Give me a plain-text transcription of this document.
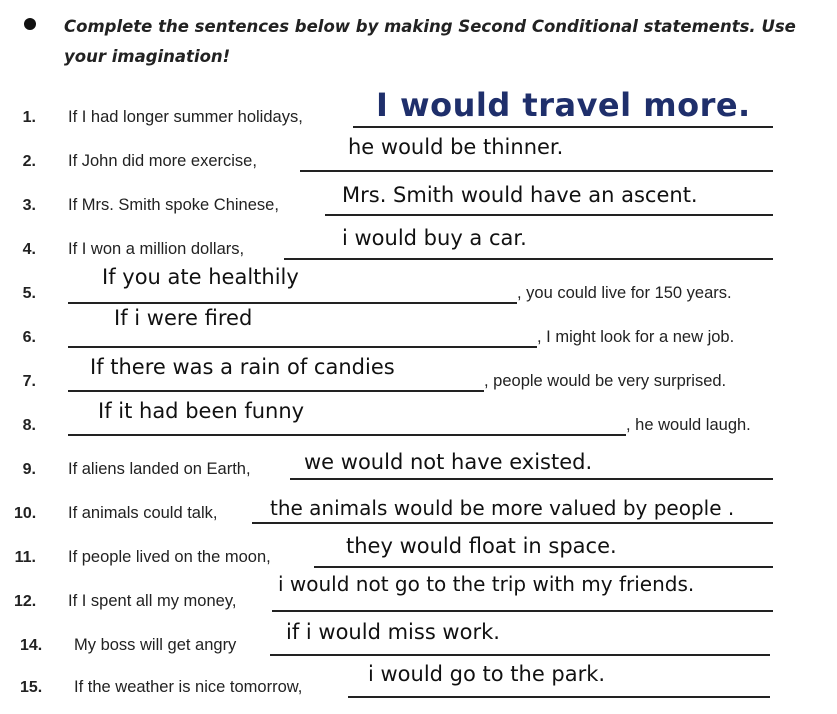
Complete the sentences below by making Second Conditional statements. Use your imagination!
1. If I had longer summer holidays, I would travel more.
2. If John did more exercise,
he would be thinner.
3. If Mrs. Smith spoke Chinese,	Mrs. Smith would have an ascent.
4. If I won a million dollars,	i would buy a car.
5.
If you ate healthily
, you could live for 150 years.
6.
If i were fired
, I might look for a new job.
7.
If there was a rain of candies
, people would be very surprised.
8.
If it had been funny
, he would laugh.
9. If aliens landed on Earth,	we would not have existed.
10. If animals could talk,	the animals would be more valued by people .
11. If people lived on the moon,	they would float in space.
12. If I spent all my money,
i would not go to the trip with my friends.
14. My boss will get angry
if i would miss work.
15. If the weather is nice tomorrow,
i would go to the park.
